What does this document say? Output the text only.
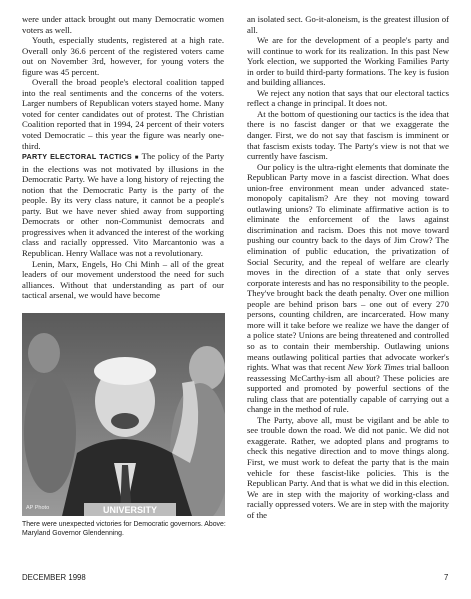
were under attack brought out many Democratic women voters as well.

Youth, especially students, registered at a high rate. Overall only 36.6 percent of the registered voters came out on November 3rd, however, for young voters the figure was 45 percent.

Overall the broad people's electoral coalition tapped into the real sentiments and the concerns of the voters. Larger numbers of Republican voters stayed home. Many voted for center candidates out of protest. The Christian Coalition reported that in 1994, 24 percent of their voters voted Democratic – this year the figure was nearly one-third.

PARTY ELECTORAL TACTICS ■ The policy of the Party in the elections was not motivated by illusions in the Democratic Party. We have a long history of rejecting the notion that the Democratic Party is the party of the people. By its very class nature, it cannot be a people's party. But we have never shied away from supporting Democrats or other non-Communist democrats and progressives when it advanced the interest of the working class and racially oppressed. Vito Marcantonio was a Republican. Henry Wallace was not a revolutionary.

Lenin, Marx, Engels, Ho Chi Minh – all of the great leaders of our movement understood the need for such alliances. Without that understanding as part of our tactical arsenal, we would have become

UNIVERSITY
AP Photo
There were unexpected victories for Democratic governors. Above: Maryland Governor Glendenning.

an isolated sect. Go-it-aloneism, is the greatest illusion of all.

We are for the development of a people's party and will continue to work for its realization. In this past New York election, we supported the Working Families Party in order to build third-party formations. The key is fusion and building alliances.

We reject any notion that says that our electoral tactics reflect a change in principal. It does not.

At the bottom of questioning our tactics is the idea that there is no fascist danger or that we exaggerate the danger. First, we do not say that fascism is imminent or that fascism exists today. The Party's view is not that we currently have fascism.

Our policy is the ultra-right elements that dominate the Republican Party move in a fascist direction. What does union-free environment mean under advanced state-monopoly capitalism? Are they not moving toward outlawing unions? To eliminate affirmative action is to eliminate the enforcement of the laws against discrimination and racism. Does this not move toward pushing our country back to the days of Jim Crow? The elimination of public education, the privatization of Social Security, and the repeal of welfare are clearly moves in the direction of a state that only serves corporate interests and has no responsibility to the people. They've brought back the death penalty. Over one million people are behind prison bars – one out of every 270 persons, counting children, are incarcerated. How many more will it take before we realize we have the danger of a police state? Unions are being threatened and controlled so as to contain their membership. Outlawing unions means outlawing political parties that advocate worker's rights. What was that recent New York Times trial balloon reassessing McCarthy-ism all about? These policies are supported and promoted by powerful sections of the ruling class that are potentially capable of carrying out a change in the method of rule.

The Party, above all, must be vigilant and be able to see trouble down the road. We did not panic. We did not exaggerate. Rather, we adopted plans and programs to check this negative direction and to move things along. First, we must work to defeat the party that is the main vehicle for these fascist-like policies. This is the Republican Party. And that is what we did in this election. We are in step with the majority of working-class and racially oppressed voters. We are in step with the majority of the

DECEMBER 1998	7
